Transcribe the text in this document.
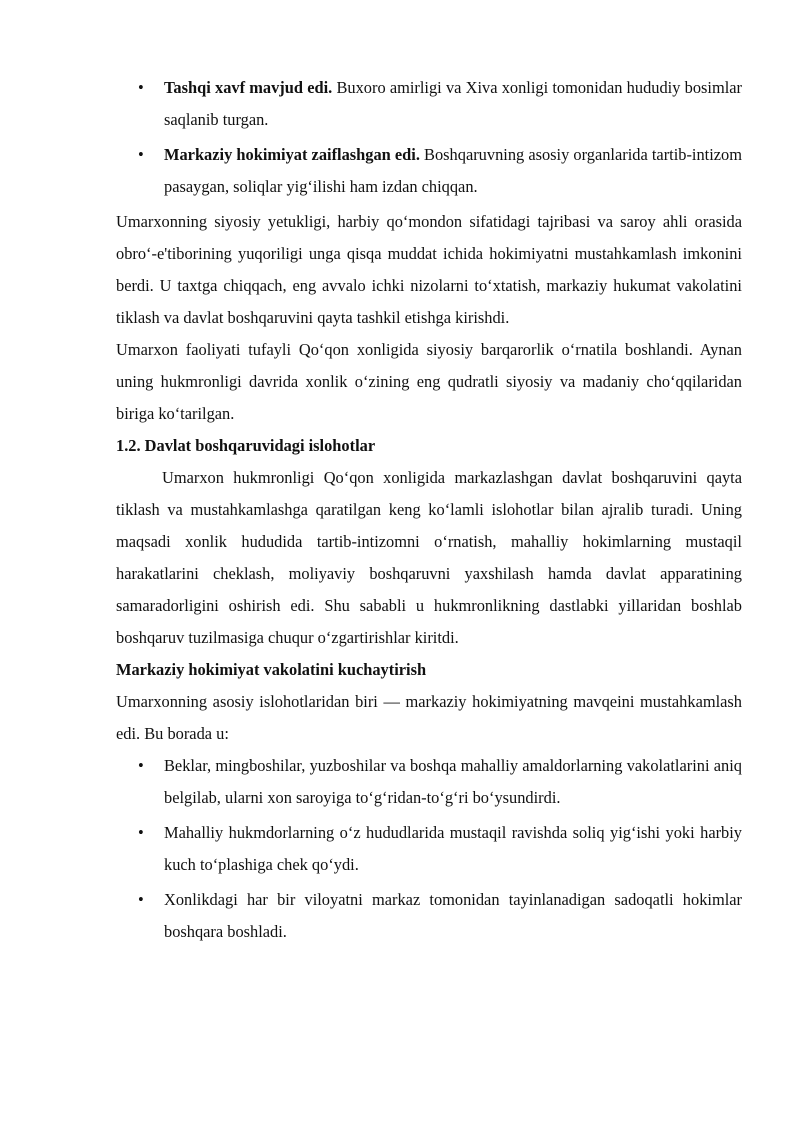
• Tashqi xavf mavjud edi. Buxoro amirligi va Xiva xonligi tomonidan hududiy bosimlar saqlanib turgan.
• Markaziy hokimiyat zaiflashgan edi. Boshqaruvning asosiy organlarida tartib-intizom pasaygan, soliqlar yig‘ilishi ham izdan chiqqan.

Umarxonning siyosiy yetukligi, harbiy qo‘mondon sifatidagi tajribasi va saroy ahli orasida obro‘-e'tiborining yuqoriligi unga qisqa muddat ichida hokimiyatni mustahkamlash imkonini berdi. U taxtga chiqqach, eng avvalo ichki nizolarni to‘xtatish, markaziy hukumat vakolatini tiklash va davlat boshqaruvini qayta tashkil etishga kirishdi.

Umarxon faoliyati tufayli Qo‘qon xonligida siyosiy barqarorlik o‘rnatila boshlandi. Aynan uning hukmronligi davrida xonlik o‘zining eng qudratli siyosiy va madaniy cho‘qqilaridan biriga ko‘tarilgan.

1.2. Davlat boshqaruvidagi islohotlar

Umarxon hukmronligi Qo‘qon xonligida markazlashgan davlat boshqaruvini qayta tiklash va mustahkamlashga qaratilgan keng ko‘lamli islohotlar bilan ajralib turadi. Uning maqsadi xonlik hududida tartib-intizomni o‘rnatish, mahalliy hokimlarning mustaqil harakatlarini cheklash, moliyaviy boshqaruvni yaxshilash hamda davlat apparatining samaradorligini oshirish edi. Shu sababli u hukmronlikning dastlabki yillaridan boshlab boshqaruv tuzilmasiga chuqur o‘zgartirishlar kiritdi.

Markaziy hokimiyat vakolatini kuchaytirish

Umarxonning asosiy islohotlaridan biri — markaziy hokimiyatning mavqeini mustahkamlash edi. Bu borada u:

• Beklar, mingboshilar, yuzboshilar va boshqa mahalliy amaldorlarning vakolatlarini aniq belgilab, ularni xon saroyiga to‘g‘ridan-to‘g‘ri bo‘ysundirdi.
• Mahalliy hukmdorlarning o‘z hududlarida mustaqil ravishda soliq yig‘ishi yoki harbiy kuch to‘plashiga chek qo‘ydi.
• Xonlikdagi har bir viloyatni markaz tomonidan tayinlanadigan sadoqatli hokimlar boshqara boshladi.
